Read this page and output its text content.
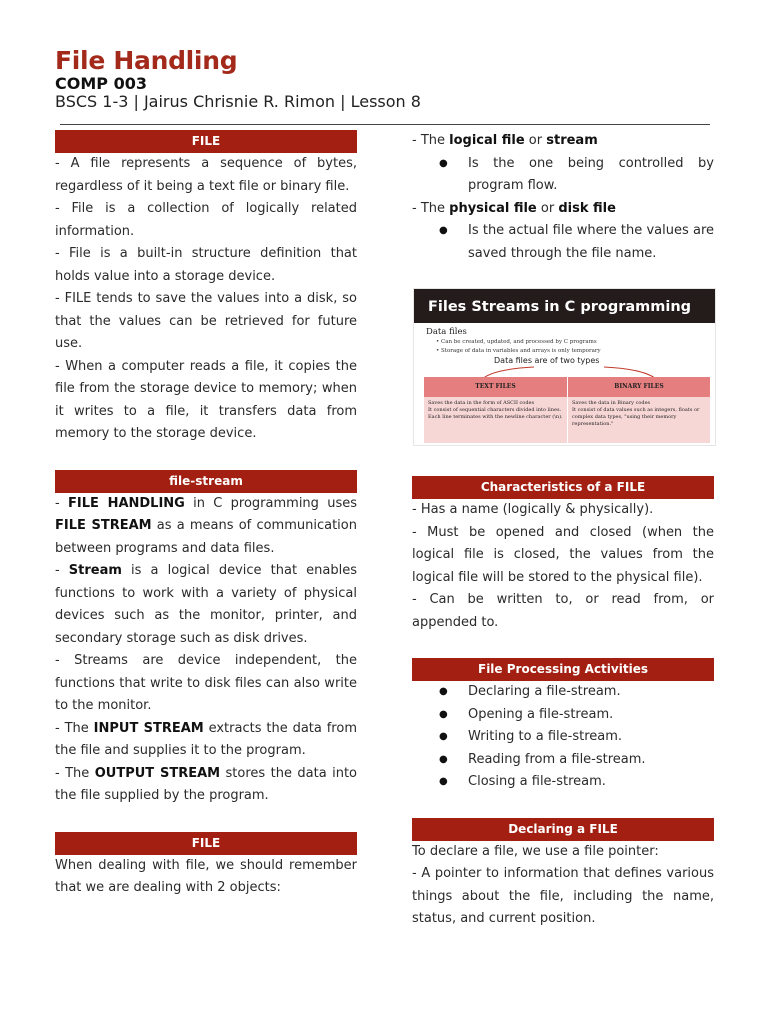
File Handling
COMP 003
BSCS 1-3 | Jairus Chrisnie R. Rimon | Lesson 8
FILE

- A file represents a sequence of bytes, regardless of it being a text file or binary file.

- File is a collection of logically related information.

- File is a built-in structure definition that holds value into a storage device.

- FILE tends to save the values into a disk, so that the values can be retrieved for future use.

- When a computer reads a file, it copies the file from the storage device to memory; when it writes to a file, it transfers data from memory to the storage device.

file-stream

- FILE HANDLING in C programming uses FILE STREAM as a means of communication between programs and data files.

- Stream is a logical device that enables functions to work with a variety of physical devices such as the monitor, printer, and secondary storage such as disk drives.

- Streams are device independent, the functions that write to disk files can also write to the monitor.

- The INPUT STREAM extracts the data from the file and supplies it to the program.

- The OUTPUT STREAM stores the data into the file supplied by the program.

FILE

When dealing with file, we should remember that we are dealing with 2 objects:

- The logical file or stream

● Is the one being controlled by program flow.

- The physical file or disk file

● Is the actual file where the values are saved through the file name.

Files Streams in C programming
Data files
• Can be created, updated, and processed by C programs
• Storage of data in variables and arrays is only temporary
Data files are of two types
TEXT FILES	BINARY FILES
Saves the data in the form of ASCII codes
It consist of sequential characters divided into lines. Each line terminates with the newline character (\n).
Saves the data in Binary codes
It consist of data values such as integers, floats or complex data types, "using their memory representation."
Characteristics of a FILE

- Has a name (logically & physically).

- Must be opened and closed (when the logical file is closed, the values from the logical file will be stored to the physical file).

- Can be written to, or read from, or appended to.

File Processing Activities

● Declaring a file-stream.

● Opening a file-stream.

● Writing to a file-stream.

● Reading from a file-stream.

● Closing a file-stream.

Declaring a FILE

To declare a file, we use a file pointer:

- A pointer to information that defines various things about the file, including the name, status, and current position.
